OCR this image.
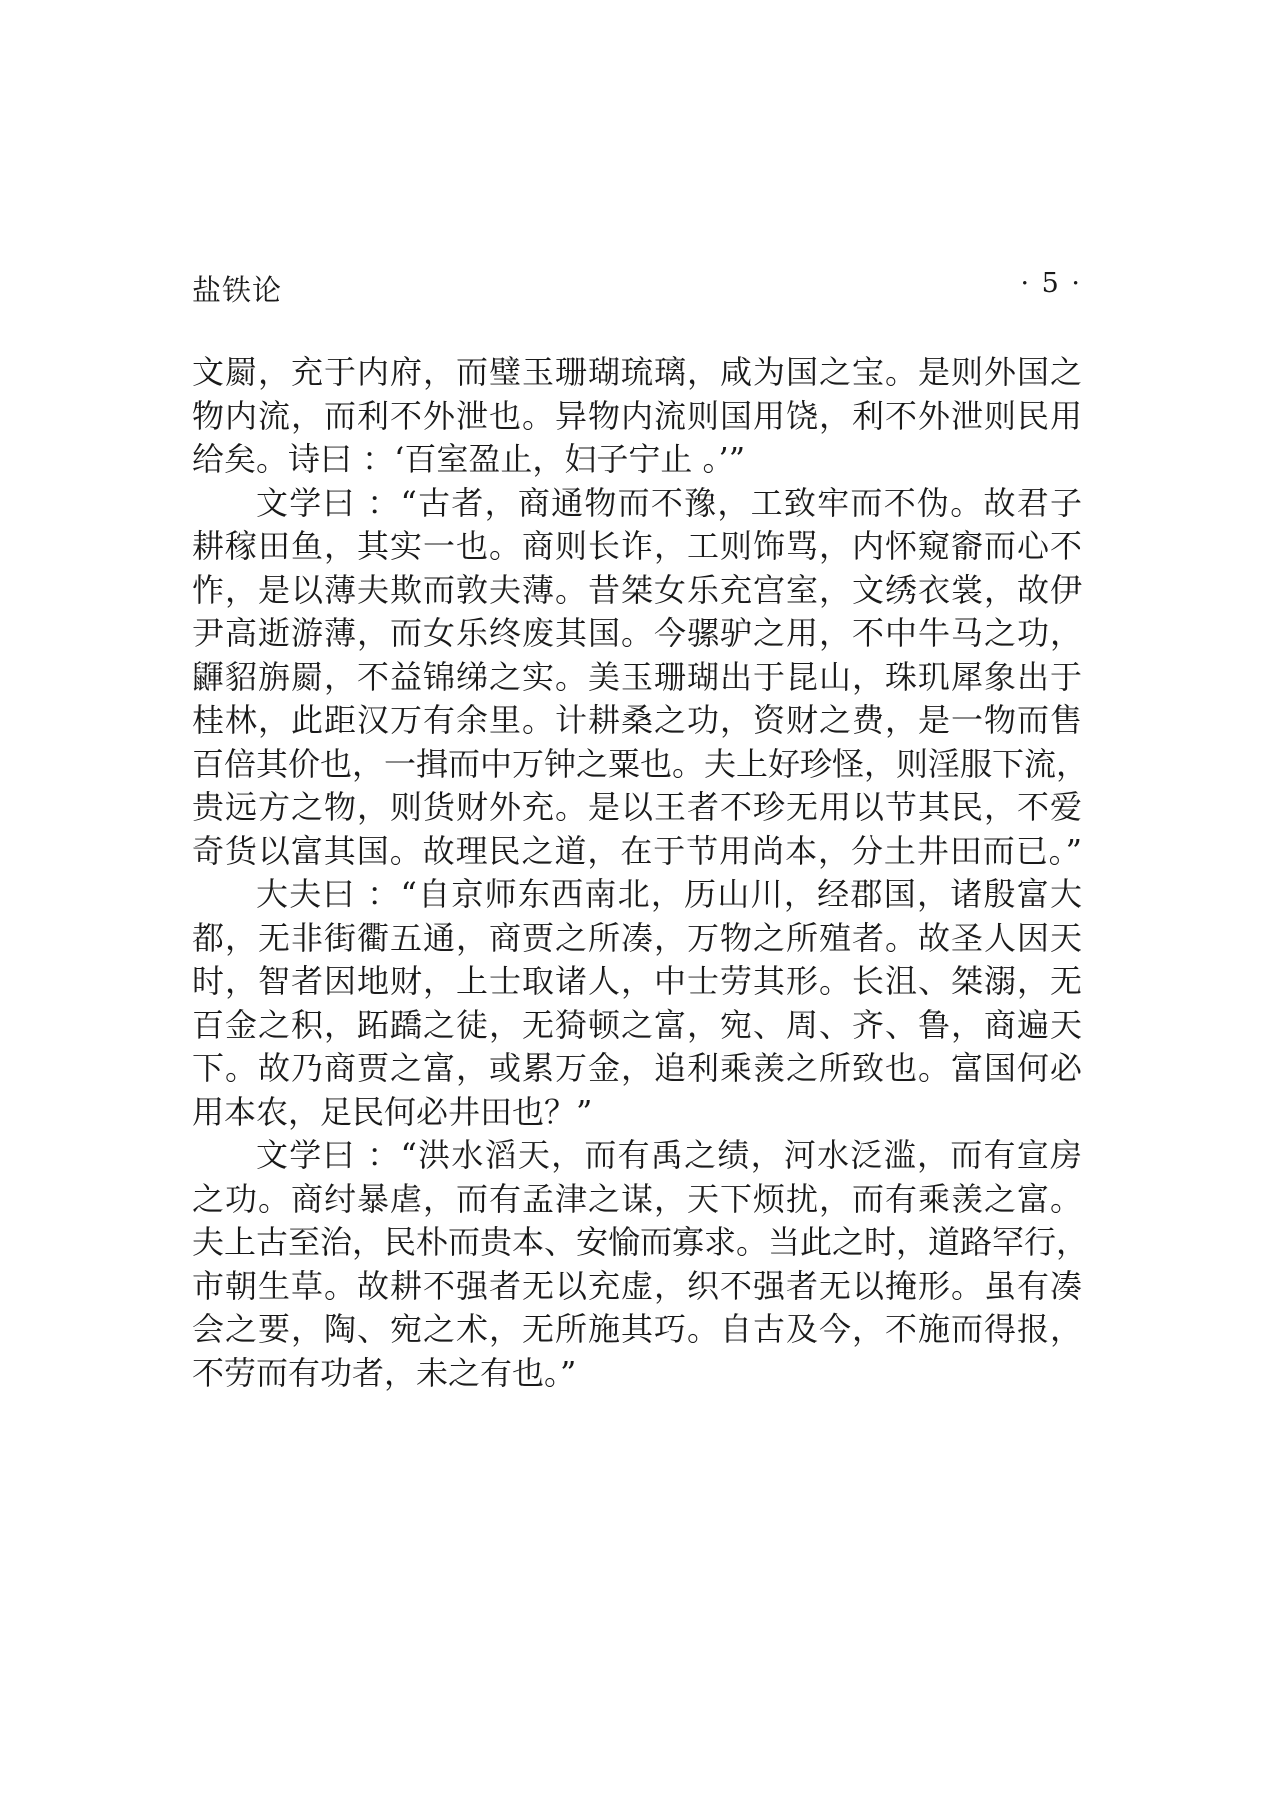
盐铁论	· 5 ·
文罽，充于内府，而璧玉珊瑚琉璃，咸为国之宝。是则外国之
物内流，而利不外泄也。异物内流则国用饶，利不外泄则民用
给矣。诗曰 ：‘百室盈止，妇子宁止 。’”
文学曰 ：“古者，商通物而不豫，工致牢而不伪。故君子
耕稼田鱼，其实一也。商则长诈，工则饰骂，内怀窥窬而心不
怍，是以薄夫欺而敦夫薄。昔桀女乐充宫室，文绣衣裳，故伊
尹高逝游薄，而女乐终废其国。今骡驴之用，不中牛马之功，
鼲貂旃罽，不益锦绨之实。美玉珊瑚出于昆山，珠玑犀象出于
桂林，此距汉万有余里。计耕桑之功，资财之费，是一物而售
百倍其价也，一揖而中万钟之粟也。夫上好珍怪，则淫服下流，
贵远方之物，则货财外充。是以王者不珍无用以节其民，不爱
奇货以富其国。故理民之道，在于节用尚本，分土井田而已。”
大夫曰 ：“自京师东西南北，历山川，经郡国，诸殷富大
都，无非街衢五通，商贾之所凑，万物之所殖者。故圣人因天
时，智者因地财，上士取诸人，中士劳其形。长沮、桀溺，无
百金之积，跖蹻之徒，无猗顿之富，宛、周、齐、鲁，商遍天
下。故乃商贾之富，或累万金，追利乘羡之所致也。富国何必
用本农，足民何必井田也？”
文学曰 ：“洪水滔天，而有禹之绩，河水泛滥，而有宣房
之功。商纣暴虐，而有孟津之谋，天下烦扰，而有乘羡之富。
夫上古至治，民朴而贵本、安愉而寡求。当此之时，道路罕行，
市朝生草。故耕不强者无以充虚，织不强者无以掩形。虽有凑
会之要，陶、宛之术，无所施其巧。自古及今，不施而得报，
不劳而有功者，未之有也。”
